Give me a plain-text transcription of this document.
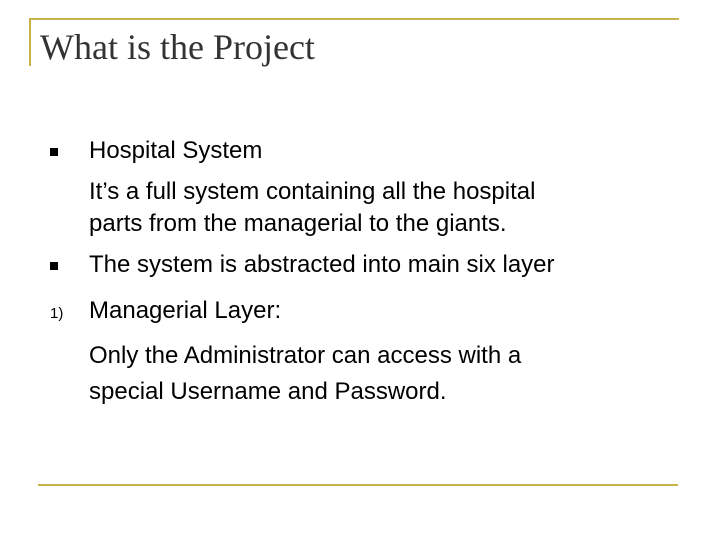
What is the Project
Hospital System
It’s a full system containing all the hospital
parts from the managerial to the giants.
The system is abstracted into main six layer
1) Managerial Layer:
Only the Administrator can access with a
special Username and Password.
